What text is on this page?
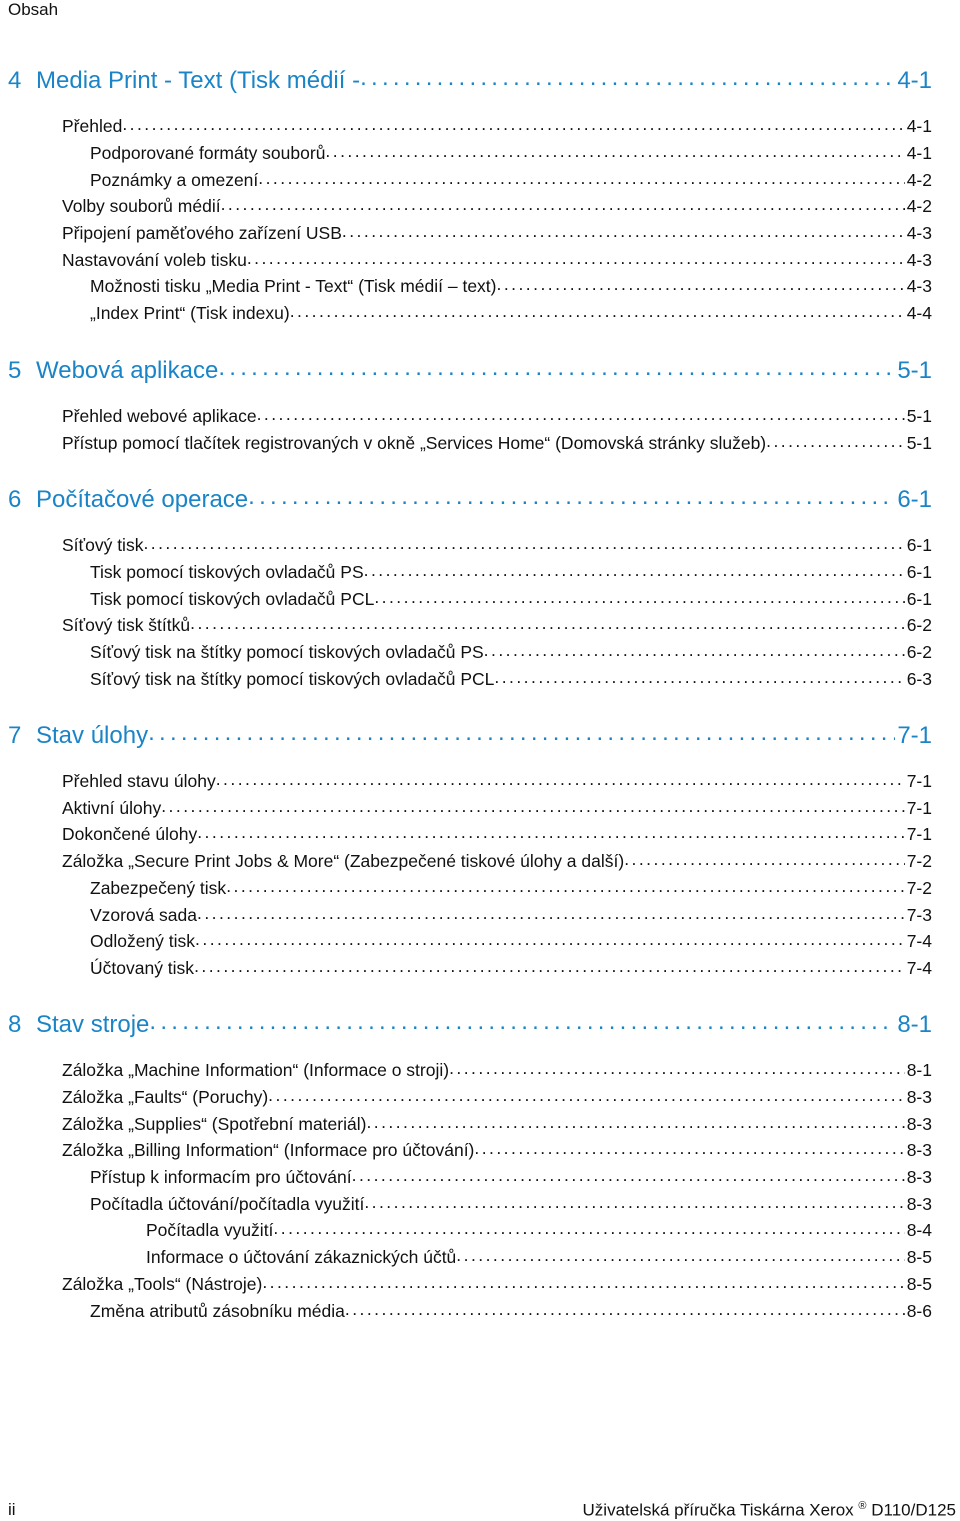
Obsah
4 Media Print - Text (Tisk médií - . . .	4-1
Přehled . . .	4-1
Podporované formáty souborů . . .	4-1
Poznámky a omezení . . .	4-2
Volby souborů médií . . .	4-2
Připojení paměťového zařízení USB . . .	4-3
Nastavování voleb tisku . . .	4-3
Možnosti tisku „Media Print - Text“ (Tisk médií – text) . . .	4-3
„Index Print“ (Tisk indexu) . . .	4-4
5 Webová aplikace . . .	5-1
Přehled webové aplikace . . .	5-1
Přístup pomocí tlačítek registrovaných v okně „Services Home“ (Domovská stránky služeb) . . .	5-1
6 Počítačové operace . . .	6-1
Síťový tisk . . .	6-1
Tisk pomocí tiskových ovladačů PS . . .	6-1
Tisk pomocí tiskových ovladačů PCL . . .	6-1
Síťový tisk štítků . . .	6-2
Síťový tisk na štítky pomocí tiskových ovladačů PS . . .	6-2
Síťový tisk na štítky pomocí tiskových ovladačů PCL . . .	6-3
7 Stav úlohy . . .	7-1
Přehled stavu úlohy . . .	7-1
Aktivní úlohy . . .	7-1
Dokončené úlohy . . .	7-1
Záložka „Secure Print Jobs & More“ (Zabezpečené tiskové úlohy a další) . . .	7-2
Zabezpečený tisk . . .	7-2
Vzorová sada . . .	7-3
Odložený tisk . . .	7-4
Účtovaný tisk . . .	7-4
8 Stav stroje . . .	8-1
Záložka „Machine Information“ (Informace o stroji) . . .	8-1
Záložka „Faults“ (Poruchy) . . .	8-3
Záložka „Supplies“ (Spotřební materiál) . . .	8-3
Záložka „Billing Information“ (Informace pro účtování) . . .	8-3
Přístup k informacím pro účtování . . .	8-3
Počítadla účtování/počítadla využití . . .	8-3
Počítadla využití . . .	8-4
Informace o účtování zákaznických účtů . . .	8-5
Záložka „Tools“ (Nástroje) . . .	8-5
Změna atributů zásobníku média . . .	8-6
ii	Uživatelská příručka Tiskárna Xerox ® D110/D125
